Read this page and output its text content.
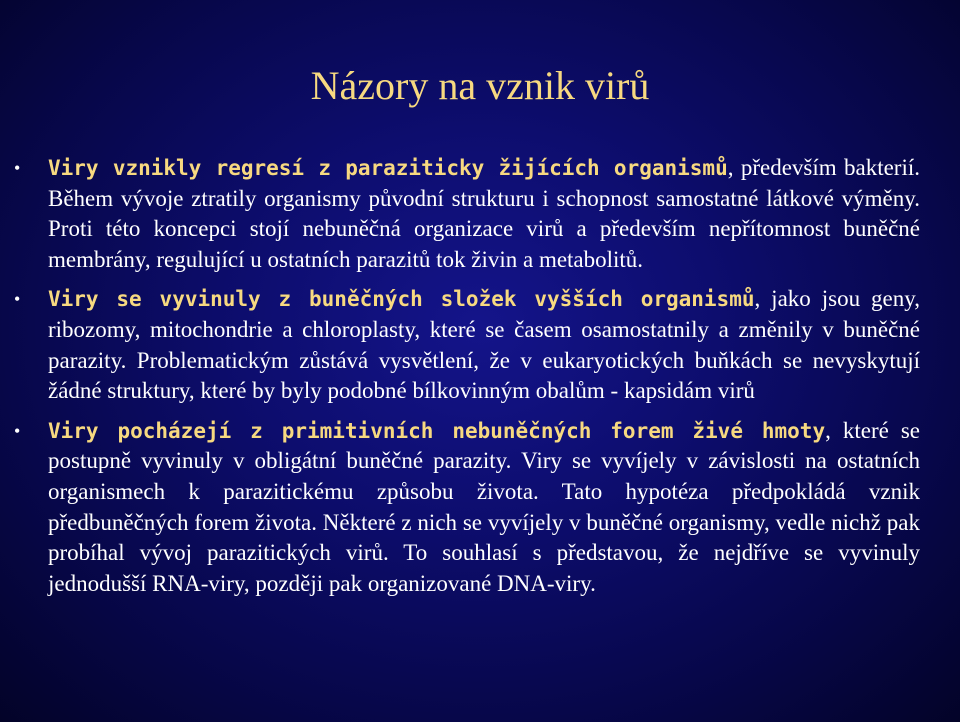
Názory na vznik virů
•	Viry vznikly regresí z paraziticky žijících organismů, především bakterií. Během vývoje ztratily organismy původní strukturu i schopnost samostatné látkové výměny. Proti této koncepci stojí nebuněčná organizace virů a především nepřítomnost buněčné membrány, regulující u ostatních parazitů tok živin a metabolitů.
•	Viry se vyvinuly z buněčných složek vyšších organismů, jako jsou geny, ribozomy, mitochondrie a chloroplasty, které se časem osamostatnily a změnily v buněčné parazity. Problematickým zůstává vysvětlení, že v eukaryotických buňkách se nevyskytují žádné struktury, které by byly podobné bílkovinným obalům - kapsidám virů
•	Viry pocházejí z primitivních nebuněčných forem živé hmoty, které se postupně vyvinuly v obligátní buněčné parazity. Viry se vyvíjely v závislosti na ostatních organismech k parazitickému způsobu života. Tato hypotéza předpokládá vznik předbuněčných forem života. Některé z nich se vyvíjely v buněčné organismy, vedle nichž pak probíhal vývoj parazitických virů. To souhlasí s představou, že nejdříve se vyvinuly jednodušší RNA-viry, později pak organizované DNA-viry.
